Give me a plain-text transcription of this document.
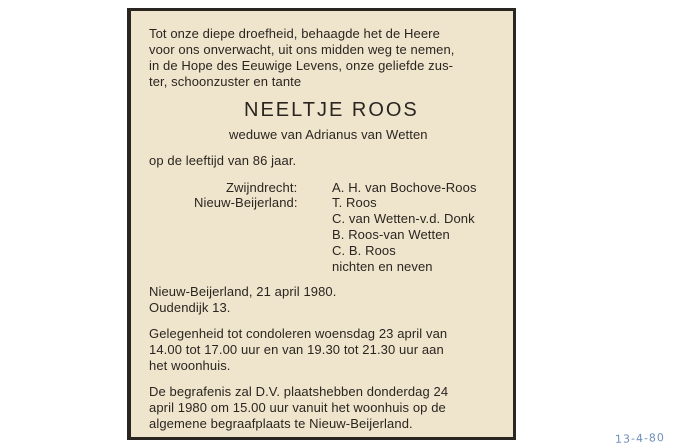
Tot onze diepe droefheid, behaagde het de Heere
voor ons onverwacht, uit ons midden weg te nemen,
in de Hope des Eeuwige Levens, onze geliefde zus-
ter, schoonzuster en tante
NEELTJE ROOS
weduwe van Adrianus van Wetten
op de leeftijd van 86 jaar.
Zwijndrecht:
Nieuw-Beijerland:
A. H. van Bochove-Roos
T. Roos
C. van Wetten-v.d. Donk
B. Roos-van Wetten
C. B. Roos
nichten en neven
Nieuw-Beijerland, 21 april 1980.
Oudendijk 13.
Gelegenheid tot condoleren woensdag 23 april van
14.00 tot 17.00 uur en van 19.30 tot 21.30 uur aan
het woonhuis.
De begrafenis zal D.V. plaatshebben donderdag 24
april 1980 om 15.00 uur vanuit het woonhuis op de
algemene begraafplaats te Nieuw-Beijerland.
13-4-80
